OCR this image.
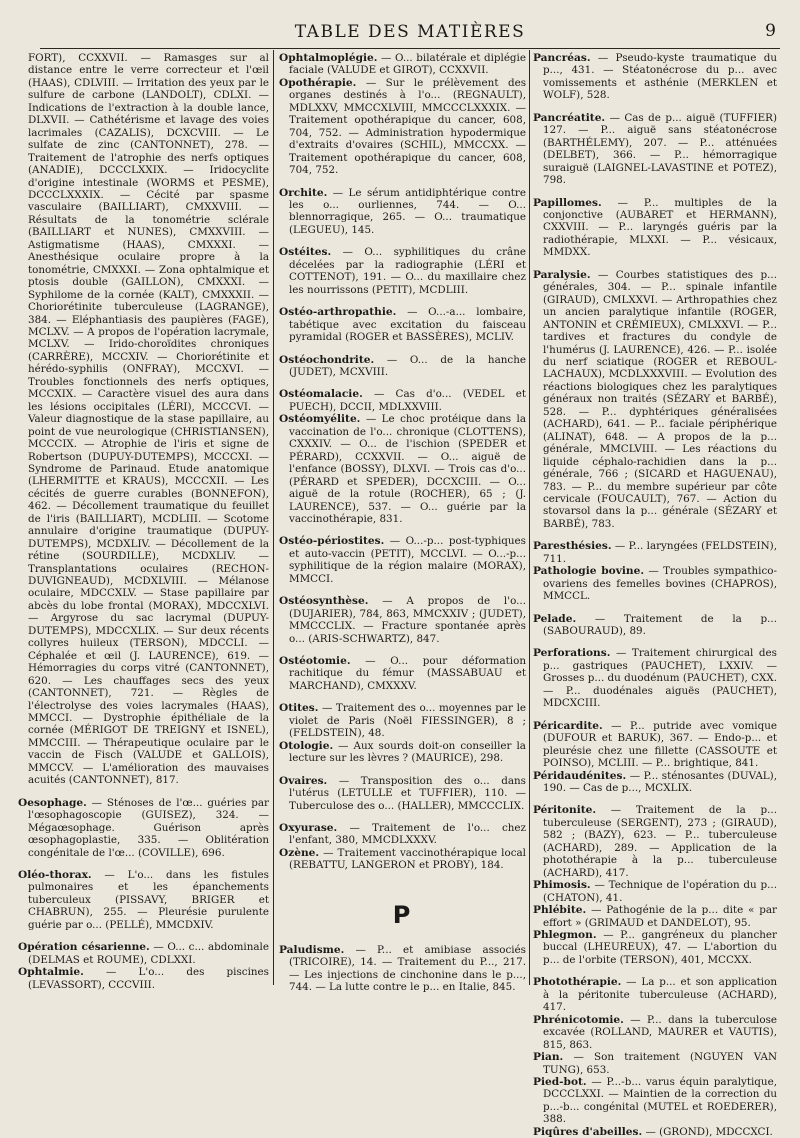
TABLE DES MATIÈRES	9
FORT), CCXXVII. — Ramasges sur al distance entre le verre correcteur et l'œil (HAAS), CDLVIII. — Irritation des yeux par le sulfure de carbone (LANDOLT), CDLXI. — Indications de l'extraction à la double lance, DLXVII. — Cathétérisme et lavage des voies lacrimales (CAZALIS), DCXCVIII. — Le sulfate de zinc (CANTONNET), 278. — Traitement de l'atrophie des nerfs optiques (ANADIE), DCCCLXXIX. — Iridocyclite d'origine intestinale (WORMS et PESME), DCCCLXXXIX. — Cécité par spasme vasculaire (BAILLIART), CMXXVIII. — Résultats de la tonométrie sclérale (BAILLIART et NUNES), CMXXVIII. — Astigmatisme (HAAS), CMXXXI. — Anesthésique oculaire propre à la tonométrie, CMXXXI. — Zona ophtalmique et ptosis double (GAILLON), CMXXXI. — Syphilome de la cornée (KALT), CMXXXII. — Choriorétinite tuberculeuse (LAGRANGE), 384. — Eléphantiasis des paupières (FAGE), MCLXV. — A propos de l'opération lacrymale, MCLXV. — Irido-choroïdites chroniques (CARRÈRE), MCCXIV. — Choriorétinite et hérédo-syphilis (ONFRAY), MCCXVI. — Troubles fonctionnels des nerfs optiques, MCCXIX. — Caractère visuel des aura dans les lésions occipitales (LÉRI), MCCCVI. — Valeur diagnostique de la stase papillaire, au point de vue neurologique (CHRISTIANSEN), MCCCIX. — Atrophie de l'iris et signe de Robertson (DUPUY-DUTEMPS), MCCCXI. — Syndrome de Parinaud. Etude anatomique (LHERMITTE et KRAUS), MCCCXII. — Les cécités de guerre curables (BONNEFON), 462. — Décollement traumatique du feuillet de l'iris (BAILLIART), MCDLIII. — Scotome annulaire d'origine traumatique (DUPUY-DUTEMPS), MCDXLIV. — Décollement de la rétine (SOURDILLE), MCDXLIV. — Transplantations oculaires (RECHON-DUVIGNEAUD), MCDXLVIII. — Mélanose oculaire, MDCCXLV. — Stase papillaire par abcès du lobe frontal (MORAX), MDCCXLVI. — Argyrose du sac lacrymal (DUPUY-DUTEMPS), MDCCXLIX. — Sur deux récents collyres huileux (TERSON), MDCCLI. — Céphalée et œil (J. LAURENCE), 619. — Hémorragies du corps vitré (CANTONNET), 620. — Les chauffages secs des yeux (CANTONNET), 721. — Règles de l'électrolyse des voies lacrymales (HAAS), MMCCI. — Dystrophie épithéliale de la cornée (MÉRIGOT DE TREIGNY et ISNEL), MMCCIII. — Thérapeutique oculaire par le vaccin de Fisch (VALUDE et GALLOIS), MMCCV. — L'amélioration des mauvaises acuités (CANTONNET), 817.
Oesophage. — Sténoses de l'œ... guéries par l'œsophagoscopie (GUISEZ), 324. — Mégaœsophage. Guérison après œsophagoplastie, 335. — Oblitération congénitale de l'œ... (COVILLE), 696.
Oléo-thorax. — L'o... dans les fistules pulmonaires et les épanchements tuberculeux (PISSAVY, BRIGER et CHABRUN), 255. — Pleurésie purulente guérie par o... (PELLÉ), MMCDXIV.
Opération césarienne. — O... c... abdominale (DELMAS et ROUME), CDLXXI.
Ophtalmie. — L'o... des piscines (LEVASSORT), CCCVIII.
Ophtalmoplégie. — O... bilatérale et diplégie faciale (VALUDE et GIROT), CCXXVII.
Opothérapie. — Sur le prélèvement des organes destinés à l'o... (REGNAULT), MDLXXV, MMCCXLVIII, MMCCCLXXXIX. — Traitement opothérapique du cancer, 608, 704, 752. — Administration hypodermique d'extraits d'ovaires (SCHIL), MMCCXX. — Traitement opothérapique du cancer, 608, 704, 752.
Orchite. — Le sérum antidiphtérique contre les o... ourliennes, 744. — O... blennorragique, 265. — O... traumatique (LEGUEU), 145.
Ostéites. — O... syphilitiques du crâne décelées par la radiographie (LÉRI et COTTENOT), 191. — O... du maxillaire chez les nourrissons (PETIT), MCDLIII.
Ostéo-arthropathie. — O...-a... lombaire, tabétique avec excitation du faisceau pyramidal (ROGER et BASSÈRES), MCLIV.
Ostéochondrite. — O... de la hanche (JUDET), MCXVIII.
Ostéomalacie. — Cas d'o... (VEDEL et PUECH), DCCII, MDLXXVIII.
Ostéomyélite. — Le choc protéique dans la vaccination de l'o... chronique (CLOTTENS), CXXXIV. — O... de l'ischion (SPEDER et PÉRARD), CCXXVII. — O... aiguë de l'enfance (BOSSY), DLXVI. — Trois cas d'o... (PÉRARD et SPEDER), DCCXCIII. — O... aiguë de la rotule (ROCHER), 65 ; (J. LAURENCE), 537. — O... guérie par la vaccinothérapie, 831.
Ostéo-périostites. — O...-p... post-typhiques et auto-vaccin (PETIT), MCCLVI. — O...-p... syphilitique de la région malaire (MORAX), MMCCI.
Ostéosynthèse. — A propos de l'o... (DUJARIER), 784, 863, MMCXXIV ; (JUDET), MMCCCLIX. — Fracture spontanée après o... (ARIS-SCHWARTZ), 847.
Ostéotomie. — O... pour déformation rachitique du fémur (MASSABUAU et MARCHAND), CMXXXV.
Otites. — Traitement des o... moyennes par le violet de Paris (Noël FIESSINGER), 8 ; (FELDSTEIN), 48.
Otologie. — Aux sourds doit-on conseiller la lecture sur les lèvres ? (MAURICE), 298.
Ovaires. — Transposition des o... dans l'utérus (LETULLE et TUFFIER), 110. — Tuberculose des o... (HALLER), MMCCCLIX.
Oxyurase. — Traitement de l'o... chez l'enfant, 380, MMCDLXXXV.
Ozène. — Traitement vaccinothérapique local (REBATTU, LANGERON et PROBY), 184.
P
Paludisme. — P... et amibiase associés (TRICOIRE), 14. — Traitement du P..., 217. — Les injections de cinchonine dans le p..., 744. — La lutte contre le p... en Italie, 845.
Pancréas. — Pseudo-kyste traumatique du p..., 431. — Stéatonécrose du p... avec vomissements et asthénie (MERKLEN et WOLF), 528.
Pancréatite. — Cas de p... aiguë (TUFFIER) 127. — P... aiguë sans stéatonécrose (BARTHÉLEMY), 207. — P... atténuées (DELBET), 366. — P... hémorragique suraiguë (LAIGNEL-LAVASTINE et POTEZ), 798.
Papillomes. — P... multiples de la conjonctive (AUBARET et HERMANN), CXXVIII. — P... laryngés guéris par la radiothérapie, MLXXI. — P... vésicaux, MMDXX.
Paralysie. — Courbes statistiques des p... générales, 304. — P... spinale infantile (GIRAUD), CMLXXVI. — Arthropathies chez un ancien paralytique infantile (ROGER, ANTONIN et CRÉMIEUX), CMLXXVI. — P... tardives et fractures du condyle de l'humérus (J. LAURENCE), 426. — P... isolée du nerf sciatique (ROGER et REBOUL-LACHAUX), MCDLXXXVIII. — Evolution des réactions biologiques chez les paralytiques généraux non traités (SÉZARY et BARBÉ), 528. — P... dyphtériques généralisées (ACHARD), 641. — P... faciale périphérique (ALINAT), 648. — A propos de la p... générale, MMCLVIII. — Les réactions du liquide céphalo-rachidien dans la p... générale, 766 ; (SICARD et HAGUENAU), 783. — P... du membre supérieur par côte cervicale (FOUCAULT), 767. — Action du stovarsol dans la p... générale (SÉZARY et BARBÉ), 783.
Paresthésies. — P... laryngées (FELDSTEIN), 711.
Pathologie bovine. — Troubles sympathico-ovariens des femelles bovines (CHAPROS), MMCCL.
Pelade. — Traitement de la p... (SABOURAUD), 89.
Perforations. — Traitement chirurgical des p... gastriques (PAUCHET), LXXIV. — Grosses p... du duodénum (PAUCHET), CXX. — P... duodénales aiguës (PAUCHET), MDCXCIII.
Péricardite. — P... putride avec vomique (DUFOUR et BARUK), 367. — Endo-p... et pleurésie chez une fillette (CASSOUTE et POINSO), MCLIII. — P... brightique, 841.
Péridaudénites. — P... sténosantes (DUVAL), 190. — Cas de p..., MCXLIX.
Péritonite. — Traitement de la p... tuberculeuse (SERGENT), 273 ; (GIRAUD), 582 ; (BAZY), 623. — P... tuberculeuse (ACHARD), 289. — Application de la photothérapie à la p... tuberculeuse (ACHARD), 417.
Phimosis. — Technique de l'opération du p... (CHATON), 41.
Phlébite. — Pathogénie de la p... dite « par effort » (GRIMAUD et DANDELOT), 95.
Phlegmon. — P... gangréneux du plancher buccal (LHEUREUX), 47. — L'abortion du p... de l'orbite (TERSON), 401, MCCXX.
Photothérapie. — La p... et son application à la péritonite tuberculeuse (ACHARD), 417.
Phrénicotomie. — P... dans la tuberculose excavée (ROLLAND, MAURER et VAUTIS), 815, 863.
Pian. — Son traitement (NGUYEN VAN TUNG), 653.
Pied-bot. — P...-b... varus équin paralytique, DCCCLXXI. — Maintien de la correction du p...-b... congénital (MUTEL et ROEDERER), 388.
Piqûres d'abeilles. — (GROND), MDCCXCI.
